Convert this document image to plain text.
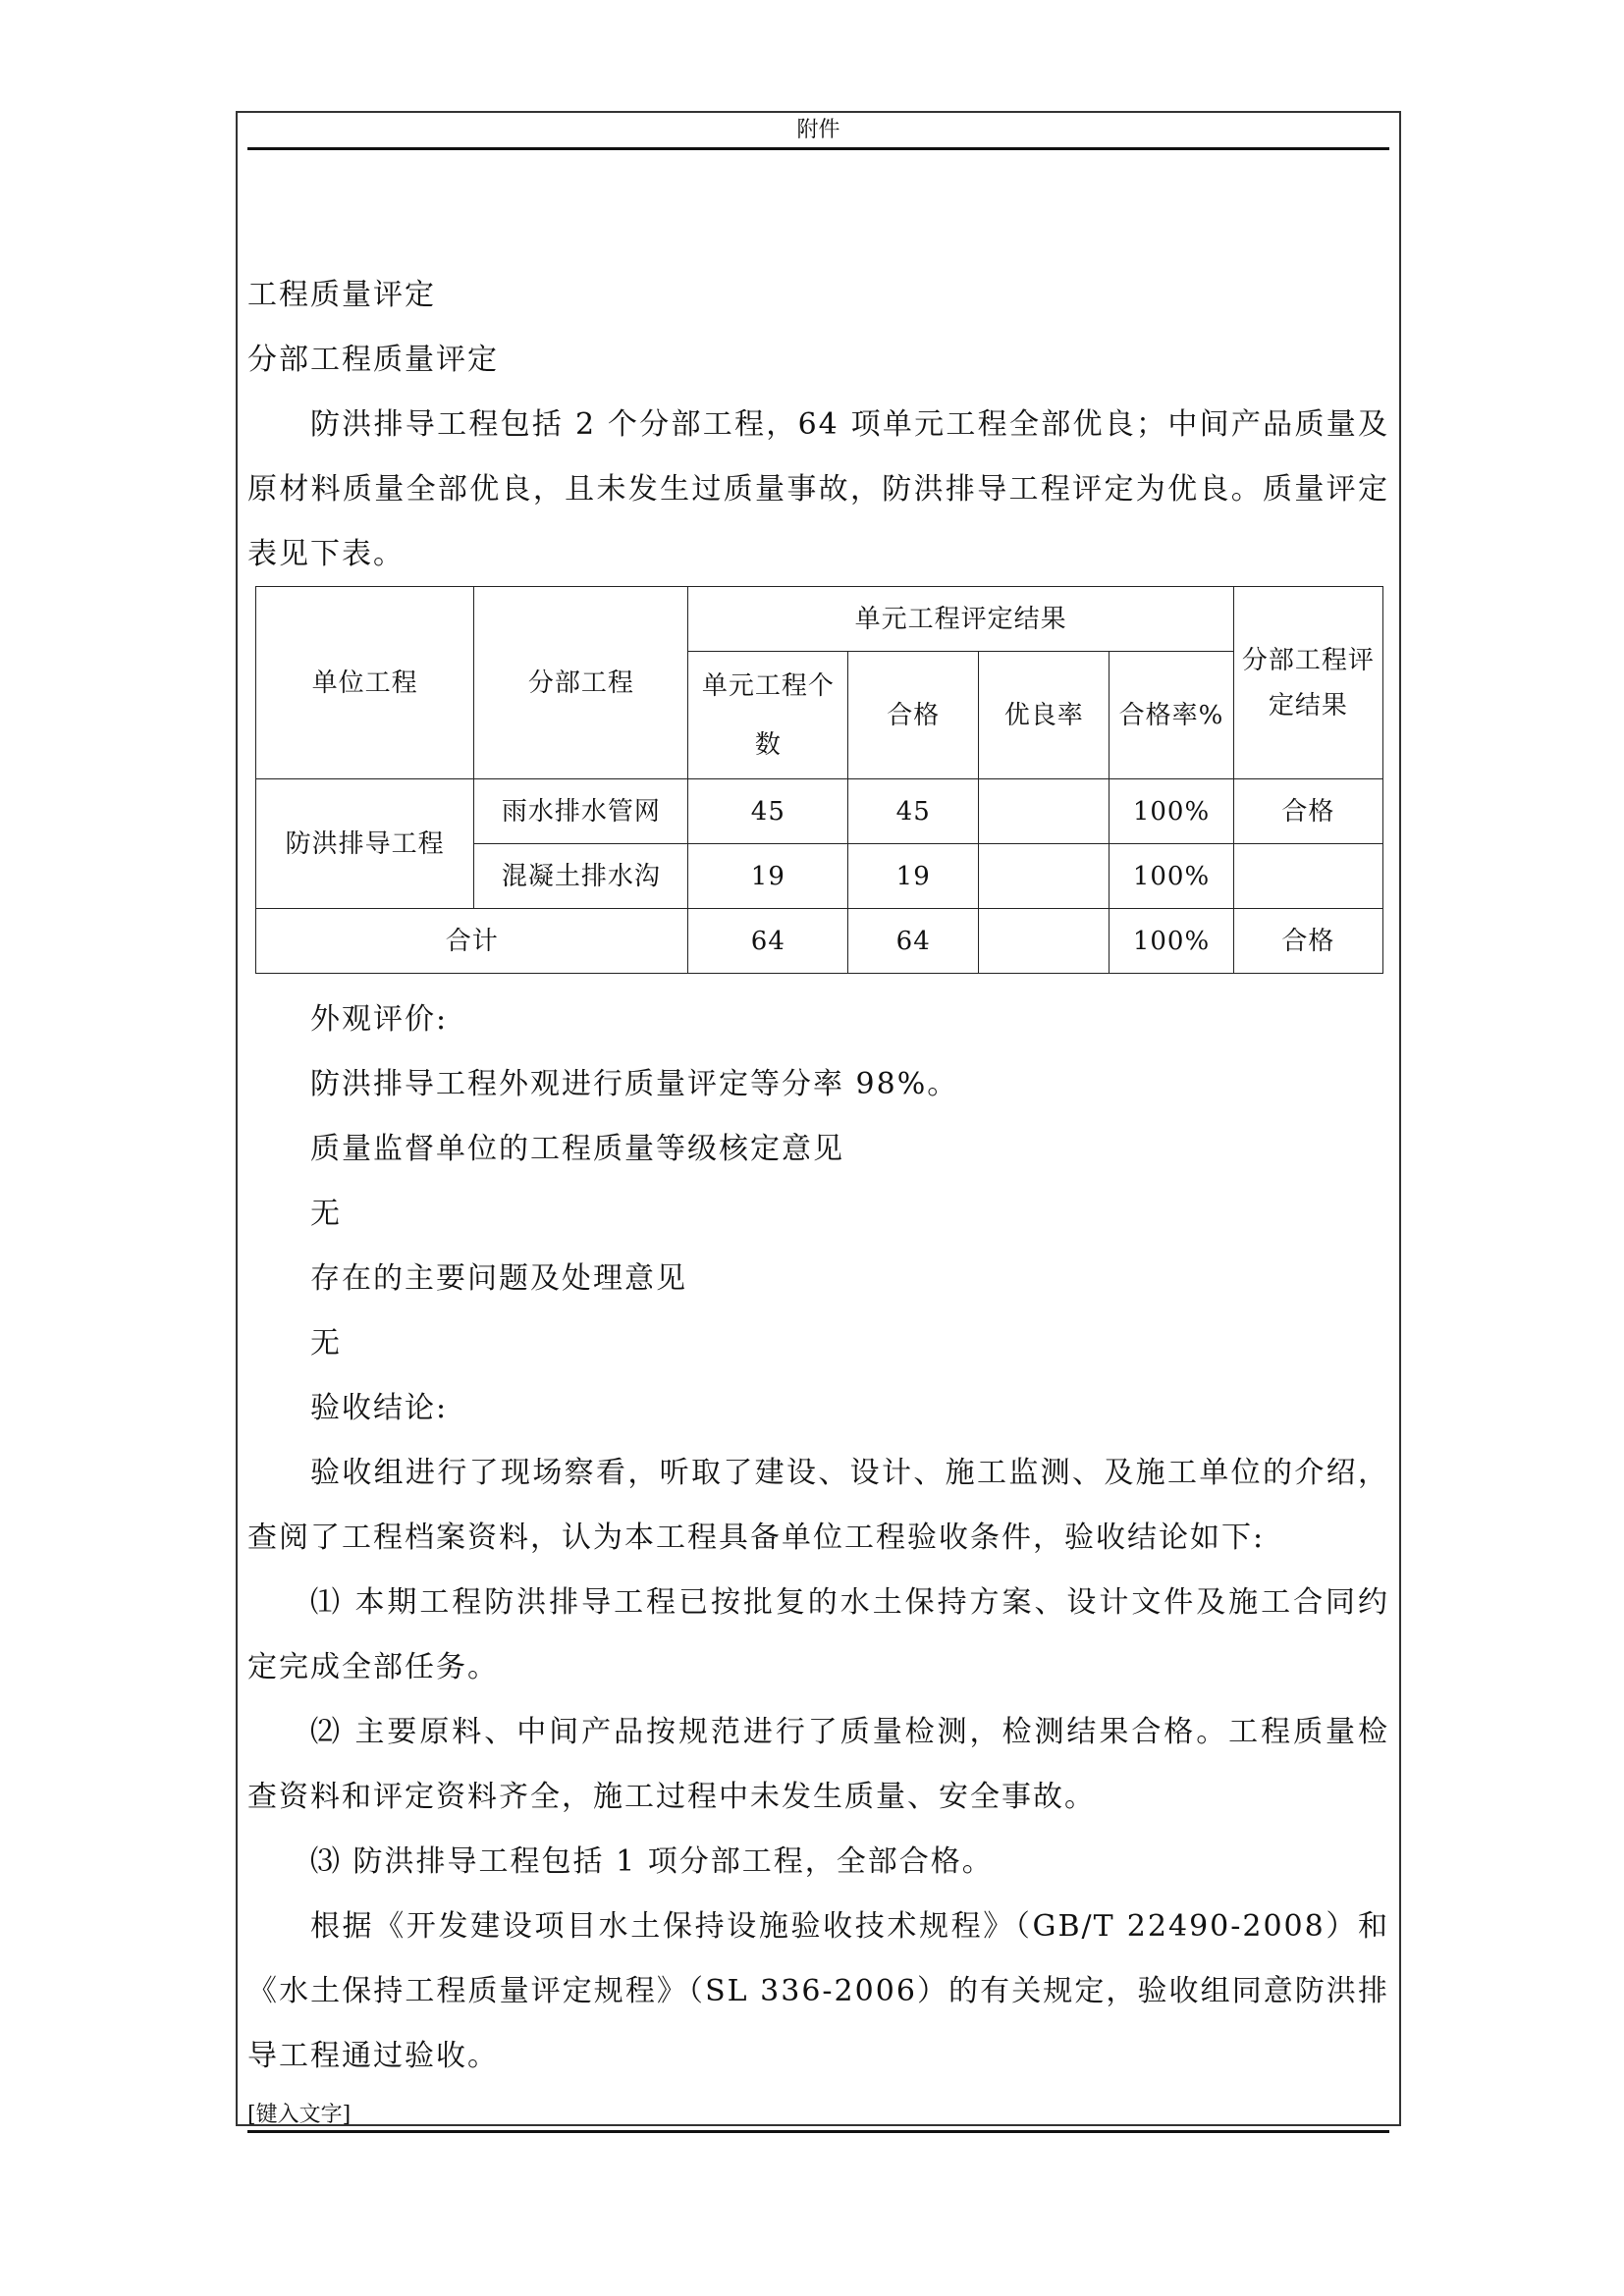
附件

工程质量评定

分部工程质量评定

防洪排导工程包括 2 个分部工程，64 项单元工程全部优良；中间产品质量及原材料质量全部优良，且未发生过质量事故，防洪排导工程评定为优良。质量评定表见下表。

单位工程	分部工程	单元工程评定结果				分部工程评定结果
		单元工程个数	合格	优良率	合格率%	
防洪排导工程	雨水排水管网	45	45		100%	合格
	混凝土排水沟	19	19		100%	
合计		64	64		100%	合格

外观评价:

防洪排导工程外观进行质量评定等分率 98%。

质量监督单位的工程质量等级核定意见

无

存在的主要问题及处理意见

无

验收结论:

验收组进行了现场察看，听取了建设、设计、施工监测、及施工单位的介绍，查阅了工程档案资料，认为本工程具备单位工程验收条件，验收结论如下:

⑴ 本期工程防洪排导工程已按批复的水土保持方案、设计文件及施工合同约定完成全部任务。

⑵ 主要原料、中间产品按规范进行了质量检测，检测结果合格。工程质量检查资料和评定资料齐全，施工过程中未发生质量、安全事故。

⑶ 防洪排导工程包括 1 项分部工程，全部合格。

根据《开发建设项目水土保持设施验收技术规程》（GB/T 22490-2008）和《水土保持工程质量评定规程》（SL 336-2006）的有关规定，验收组同意防洪排导工程通过验收。

[键入文字]
